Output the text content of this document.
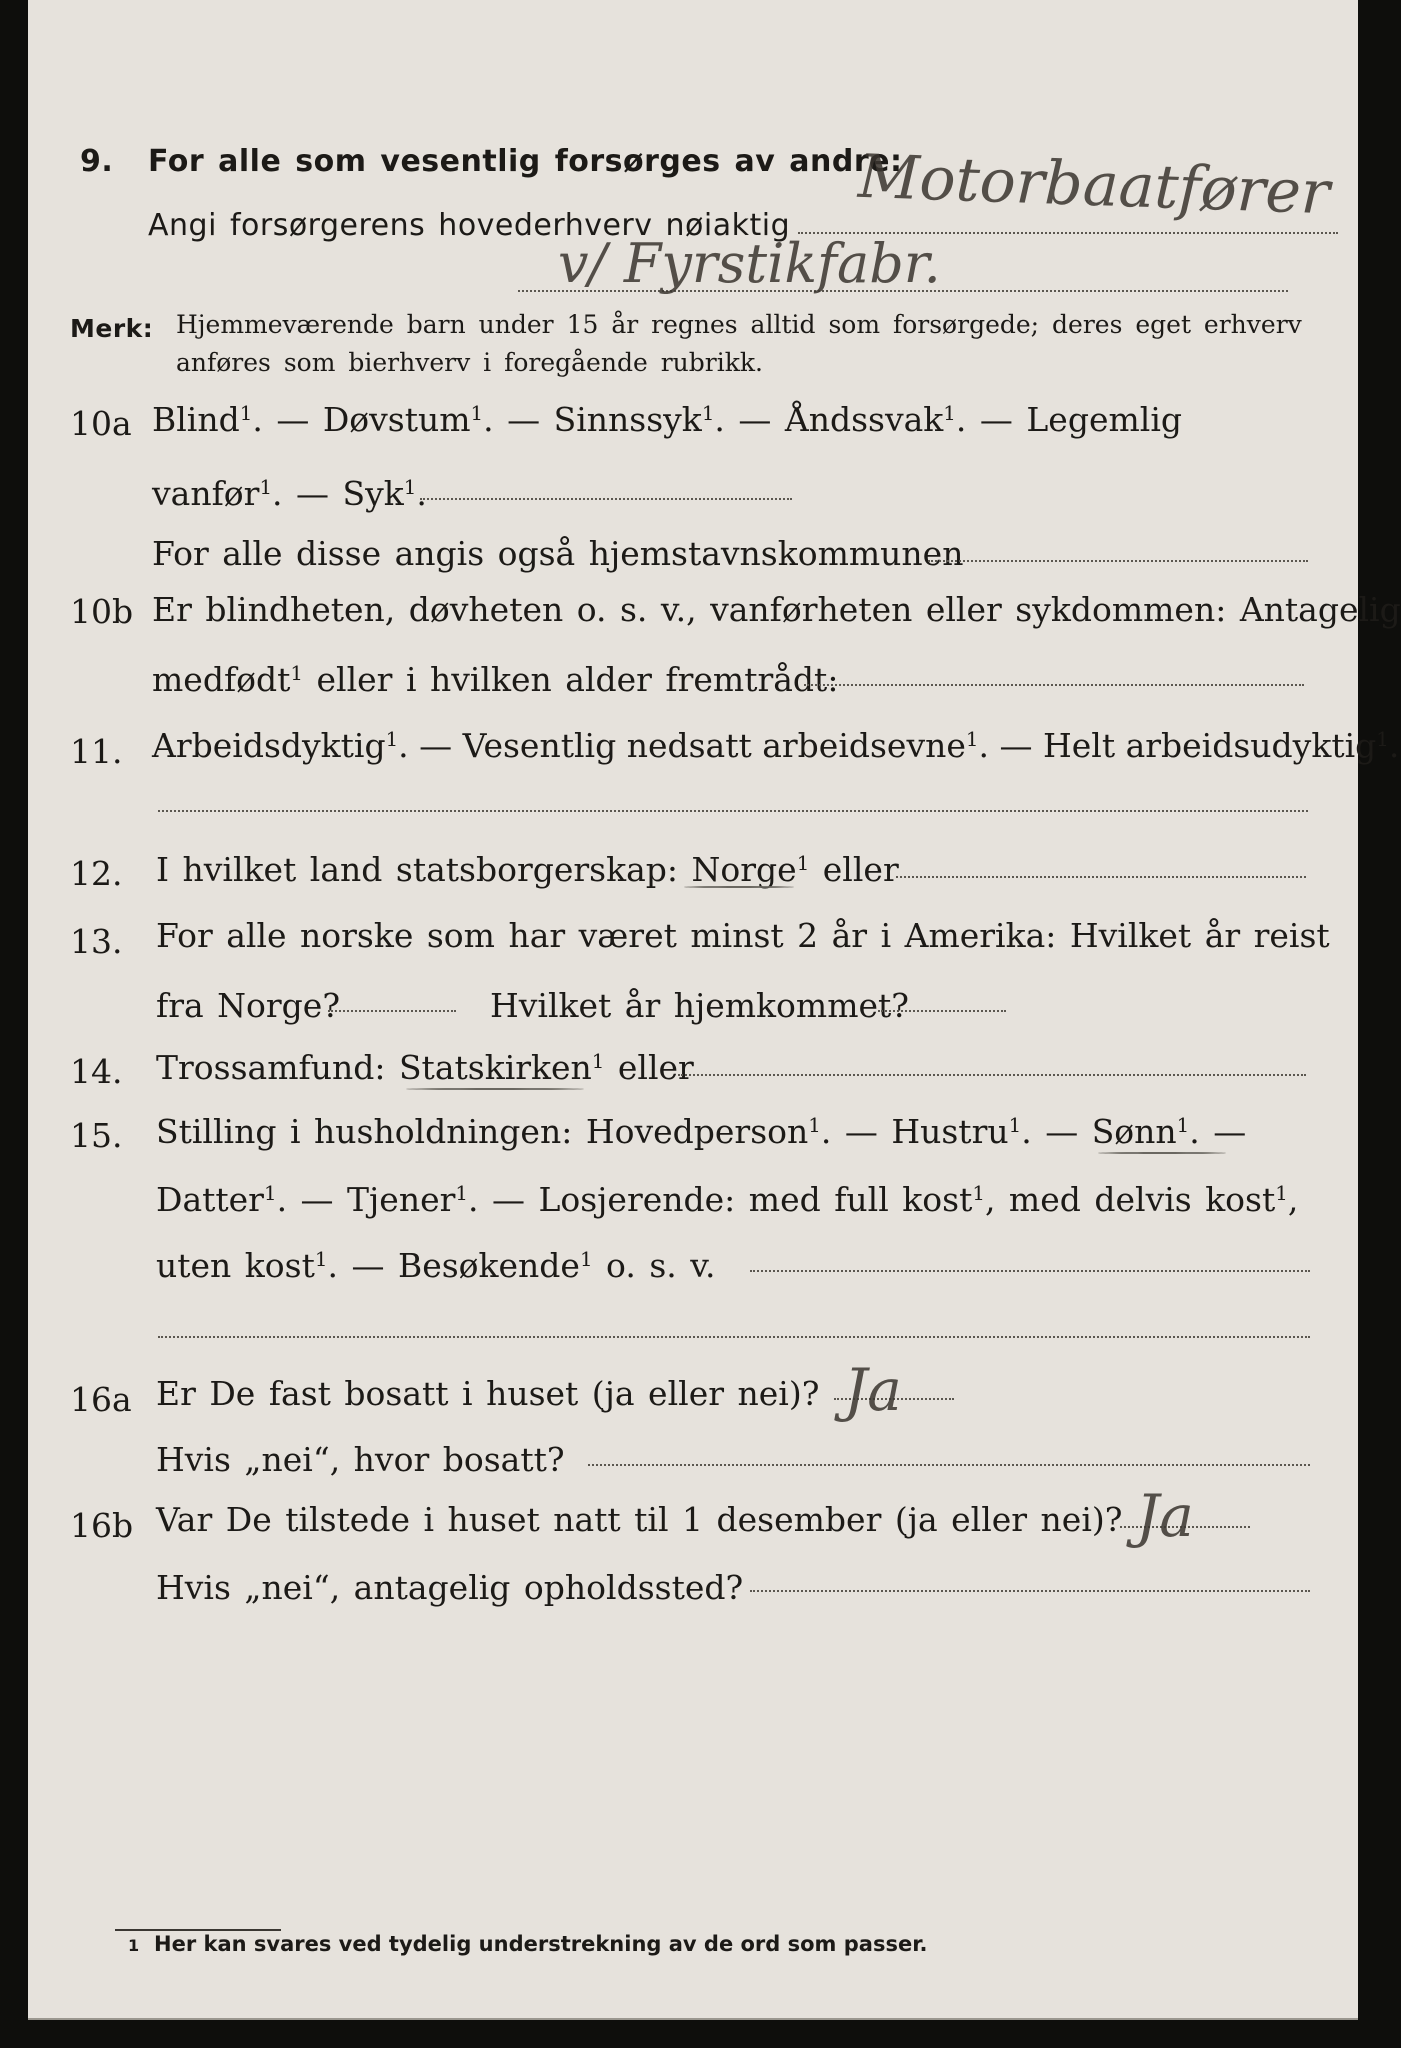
9. For alle som vesentlig forsørges av andre:
Angi forsørgerens hovederhverv nøiaktig Motorbaatfører
v/ Fyrstikfabr.
Merk: Hjemmeværende barn under 15 år regnes alltid som forsørgede; deres eget erhverv
anføres som bierhverv i foregående rubrikk.
10a Blind$^1$. — Døvstum$^1$. — Sinnssyk$^1$. — Åndssvak$^1$. — Legemlig
vanfør$^1$. — Syk$^1$.
For alle disse angis også hjemstavnskommunen
10b Er blindheten, døvheten o. s. v., vanførheten eller sykdommen: Antagelig
medfødt$^1$ eller i hvilken alder fremtrådt:
11. Arbeidsdyktig$^1$. — Vesentlig nedsatt arbeidsevne$^1$. — Helt arbeidsudyktig$^1$.
12. I hvilket land statsborgerskap: Norge$^1$ eller
13. For alle norske som har været minst 2 år i Amerika: Hvilket år reist
fra Norge?	Hvilket år hjemkommet?
14. Trossamfund: Statskirken$^1$ eller
15. Stilling i husholdningen: Hovedperson$^1$. — Hustru$^1$. — Sønn$^1$. —
Datter$^1$. — Tjener$^1$. — Losjerende: med full kost$^1$, med delvis kost$^1$,
uten kost$^1$. — Besøkende$^1$ o. s. v.
16a Er De fast bosatt i huset (ja eller nei)? Ja
Hvis „nei“, hvor bosatt?
16b Var De tilstede i huset natt til 1 desember (ja eller nei)? Ja
Hvis „nei“, antagelig opholdssted?
1 Her kan svares ved tydelig understrekning av de ord som passer.
